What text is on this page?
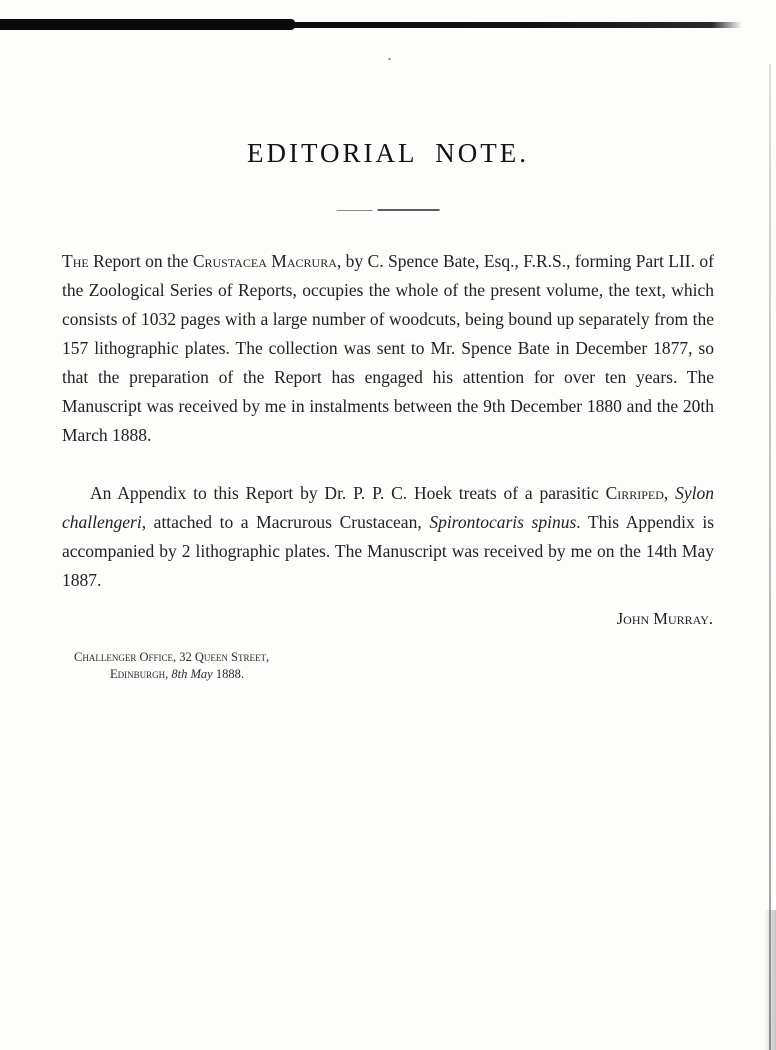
EDITORIAL NOTE.

The Report on the Crustacea Macrura, by C. Spence Bate, Esq., F.R.S., forming Part LII. of the Zoological Series of Reports, occupies the whole of the present volume, the text, which consists of 1032 pages with a large number of woodcuts, being bound up separately from the 157 lithographic plates. The collection was sent to Mr. Spence Bate in December 1877, so that the preparation of the Report has engaged his attention for over ten years. The Manuscript was received by me in instalments between the 9th December 1880 and the 20th March 1888.

An Appendix to this Report by Dr. P. P. C. Hoek treats of a parasitic Cirriped, Sylon challengeri, attached to a Macrurous Crustacean, Spirontocaris spinus. This Appendix is accompanied by 2 lithographic plates. The Manuscript was received by me on the 14th May 1887.

John Murray.
Challenger Office, 32 Queen Street,
Edinburgh, 8th May 1888.
